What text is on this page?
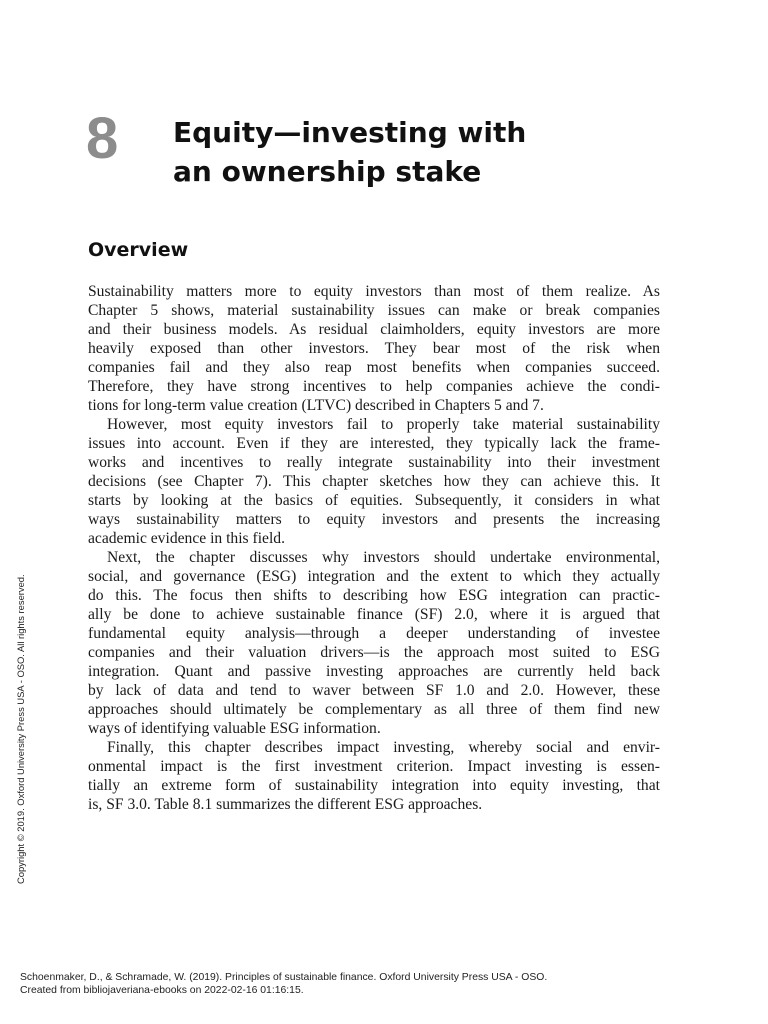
8 Equity—investing with
an ownership stake
Overview

Sustainability matters more to equity investors than most of them realize. As
Chapter 5 shows, material sustainability issues can make or break companies
and their business models. As residual claimholders, equity investors are more
heavily exposed than other investors. They bear most of the risk when
companies fail and they also reap most benefits when companies succeed.
Therefore, they have strong incentives to help companies achieve the condi-
tions for long-term value creation (LTVC) described in Chapters 5 and 7.

However, most equity investors fail to properly take material sustainability
issues into account. Even if they are interested, they typically lack the frame-
works and incentives to really integrate sustainability into their investment
decisions (see Chapter 7). This chapter sketches how they can achieve this. It
starts by looking at the basics of equities. Subsequently, it considers in what
ways sustainability matters to equity investors and presents the increasing
academic evidence in this field.

Next, the chapter discusses why investors should undertake environmental,
social, and governance (ESG) integration and the extent to which they actually
do this. The focus then shifts to describing how ESG integration can practic-
ally be done to achieve sustainable finance (SF) 2.0, where it is argued that
fundamental equity analysis—through a deeper understanding of investee
companies and their valuation drivers—is the approach most suited to ESG
integration. Quant and passive investing approaches are currently held back
by lack of data and tend to waver between SF 1.0 and 2.0. However, these
approaches should ultimately be complementary as all three of them find new
ways of identifying valuable ESG information.

Finally, this chapter describes impact investing, whereby social and envir-
onmental impact is the first investment criterion. Impact investing is essen-
tially an extreme form of sustainability integration into equity investing, that
is, SF 3.0. Table 8.1 summarizes the different ESG approaches.

Copyright © 2019. Oxford University Press USA - OSO. All rights reserved.
Schoenmaker, D., & Schramade, W. (2019). Principles of sustainable finance. Oxford University Press USA - OSO.
Created from bibliojaveriana-ebooks on 2022-02-16 01:16:15.
